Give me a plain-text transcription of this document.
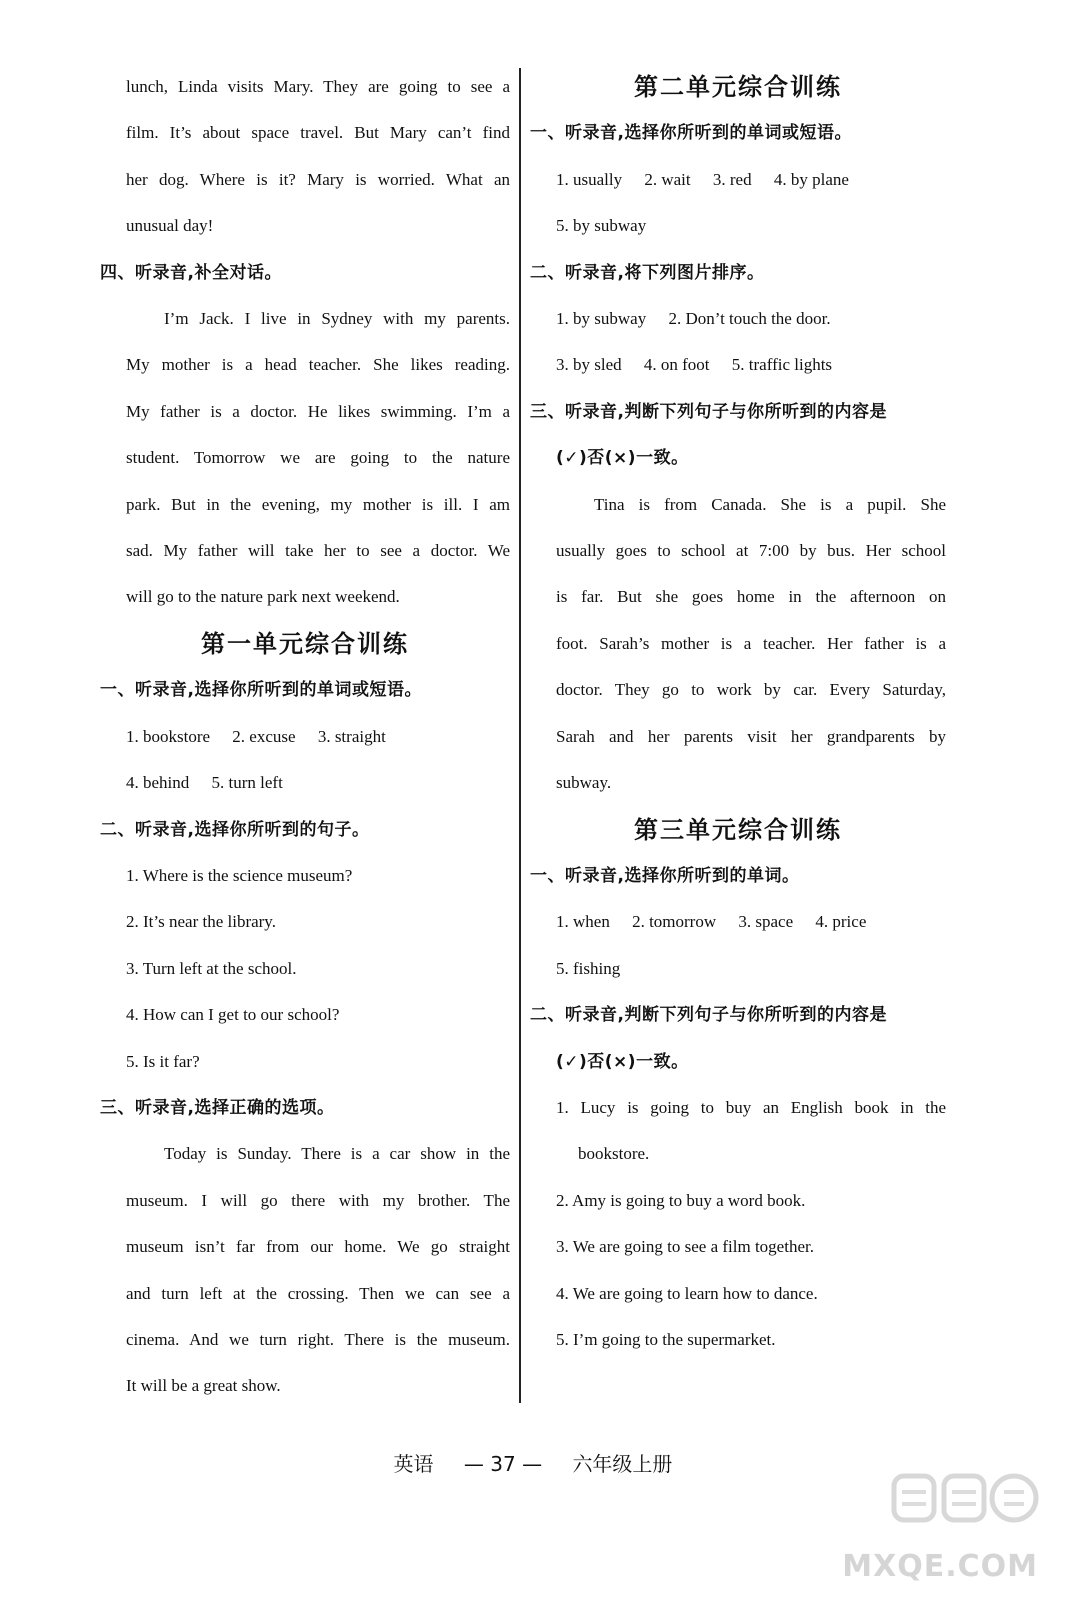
lunch, Linda visits Mary. They are going to see a
film. It’s about space travel. But Mary can’t find
her dog. Where is it? Mary is worried. What an
unusual day!
四、听录音,补全对话。
I’m Jack. I live in Sydney with my parents.
My mother is a head teacher. She likes reading.
My father is a doctor. He likes swimming. I’m a
student. Tomorrow we are going to the nature
park. But in the evening, my mother is ill. I am
sad. My father will take her to see a doctor. We
will go to the nature park next weekend.
第一单元综合训练
一、听录音,选择你所听到的单词或短语。
1. bookstore 2. excuse 3. straight
4. behind 5. turn left
二、听录音,选择你所听到的句子。
1. Where is the science museum?
2. It’s near the library.
3. Turn left at the school.
4. How can I get to our school?
5. Is it far?
三、听录音,选择正确的选项。
Today is Sunday. There is a car show in the
museum. I will go there with my brother. The
museum isn’t far from our home. We go straight
and turn left at the crossing. Then we can see a
cinema. And we turn right. There is the museum.
It will be a great show.
第二单元综合训练
一、听录音,选择你所听到的单词或短语。
1. usually 2. wait 3. red 4. by plane
5. by subway
二、听录音,将下列图片排序。
1. by subway 2. Don’t touch the door.
3. by sled 4. on foot 5. traffic lights
三、听录音,判断下列句子与你所听到的内容是
(✓)否(×)一致。
Tina is from Canada. She is a pupil. She
usually goes to school at 7:00 by bus. Her school
is far. But she goes home in the afternoon on
foot. Sarah’s mother is a teacher. Her father is a
doctor. They go to work by car. Every Saturday,
Sarah and her parents visit her grandparents by
subway.
第三单元综合训练
一、听录音,选择你所听到的单词。
1. when 2. tomorrow 3. space 4. price
5. fishing
二、听录音,判断下列句子与你所听到的内容是
(✓)否(×)一致。
1. Lucy is going to buy an English book in the
bookstore.
2. Amy is going to buy a word book.
3. We are going to see a film together.
4. We are going to learn how to dance.
5. I’m going to the supermarket.
英语 — 37 — 六年级上册
MXQE.COM
